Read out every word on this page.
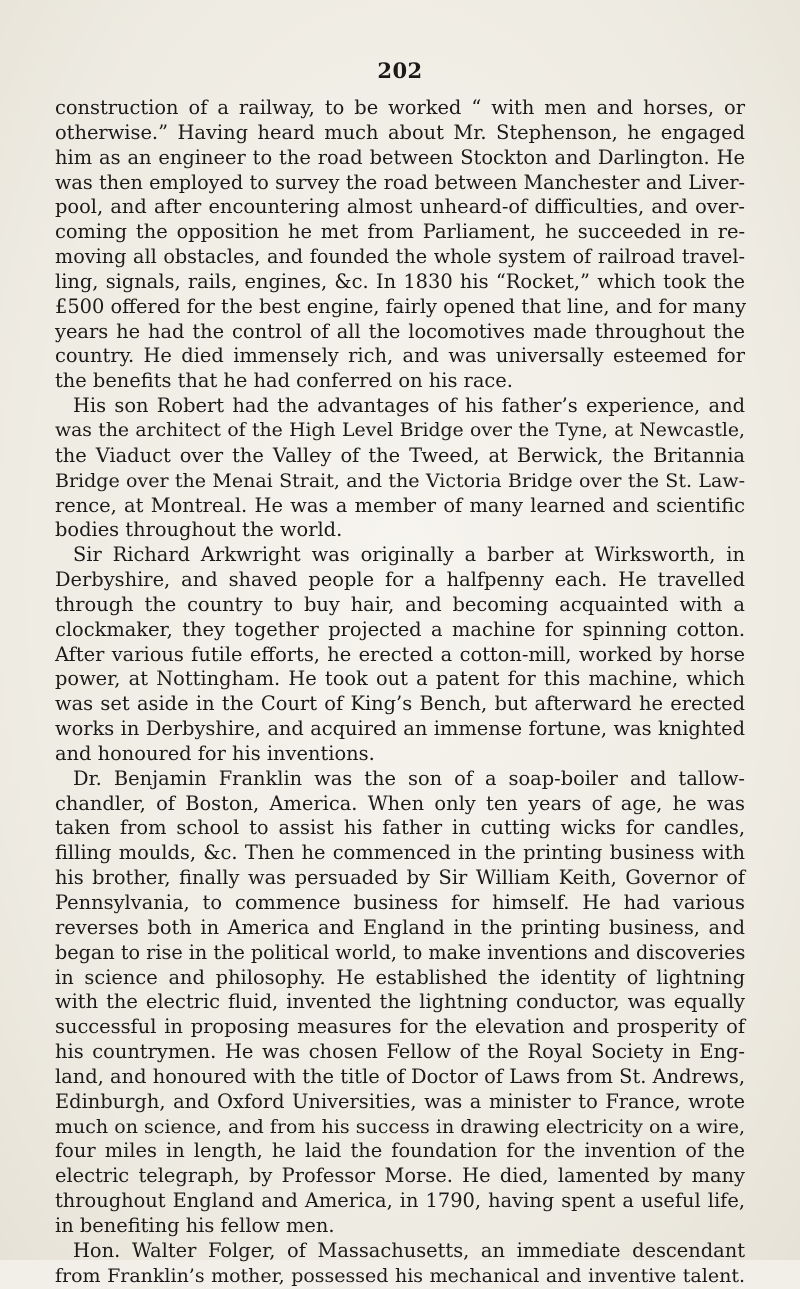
202
construction of a railway, to be worked “ with men and horses, or
otherwise.” Having heard much about Mr. Stephenson, he engaged
him as an engineer to the road between Stockton and Darlington. He
was then employed to survey the road between Manchester and Liver-
pool, and after encountering almost unheard-of difficulties, and over-
coming the opposition he met from Parliament, he succeeded in re-
moving all obstacles, and founded the whole system of railroad travel-
ling, signals, rails, engines, &c. In 1830 his “Rocket,” which took the
£500 offered for the best engine, fairly opened that line, and for many
years he had the control of all the locomotives made throughout the
country. He died immensely rich, and was universally esteemed for
the benefits that he had conferred on his race.
His son Robert had the advantages of his father’s experience, and
was the architect of the High Level Bridge over the Tyne, at Newcastle,
the Viaduct over the Valley of the Tweed, at Berwick, the Britannia
Bridge over the Menai Strait, and the Victoria Bridge over the St. Law-
rence, at Montreal. He was a member of many learned and scientific
bodies throughout the world.
Sir Richard Arkwright was originally a barber at Wirksworth, in
Derbyshire, and shaved people for a halfpenny each. He travelled
through the country to buy hair, and becoming acquainted with a
clockmaker, they together projected a machine for spinning cotton.
After various futile efforts, he erected a cotton-mill, worked by horse
power, at Nottingham. He took out a patent for this machine, which
was set aside in the Court of King’s Bench, but afterward he erected
works in Derbyshire, and acquired an immense fortune, was knighted
and honoured for his inventions.
Dr. Benjamin Franklin was the son of a soap-boiler and tallow-
chandler, of Boston, America. When only ten years of age, he was
taken from school to assist his father in cutting wicks for candles,
filling moulds, &c. Then he commenced in the printing business with
his brother, finally was persuaded by Sir William Keith, Governor of
Pennsylvania, to commence business for himself. He had various
reverses both in America and England in the printing business, and
began to rise in the political world, to make inventions and discoveries
in science and philosophy. He established the identity of lightning
with the electric fluid, invented the lightning conductor, was equally
successful in proposing measures for the elevation and prosperity of
his countrymen. He was chosen Fellow of the Royal Society in Eng-
land, and honoured with the title of Doctor of Laws from St. Andrews,
Edinburgh, and Oxford Universities, was a minister to France, wrote
much on science, and from his success in drawing electricity on a wire,
four miles in length, he laid the foundation for the invention of the
electric telegraph, by Professor Morse. He died, lamented by many
throughout England and America, in 1790, having spent a useful life,
in benefiting his fellow men.
Hon. Walter Folger, of Massachusetts, an immediate descendant
from Franklin’s mother, possessed his mechanical and inventive talent.
